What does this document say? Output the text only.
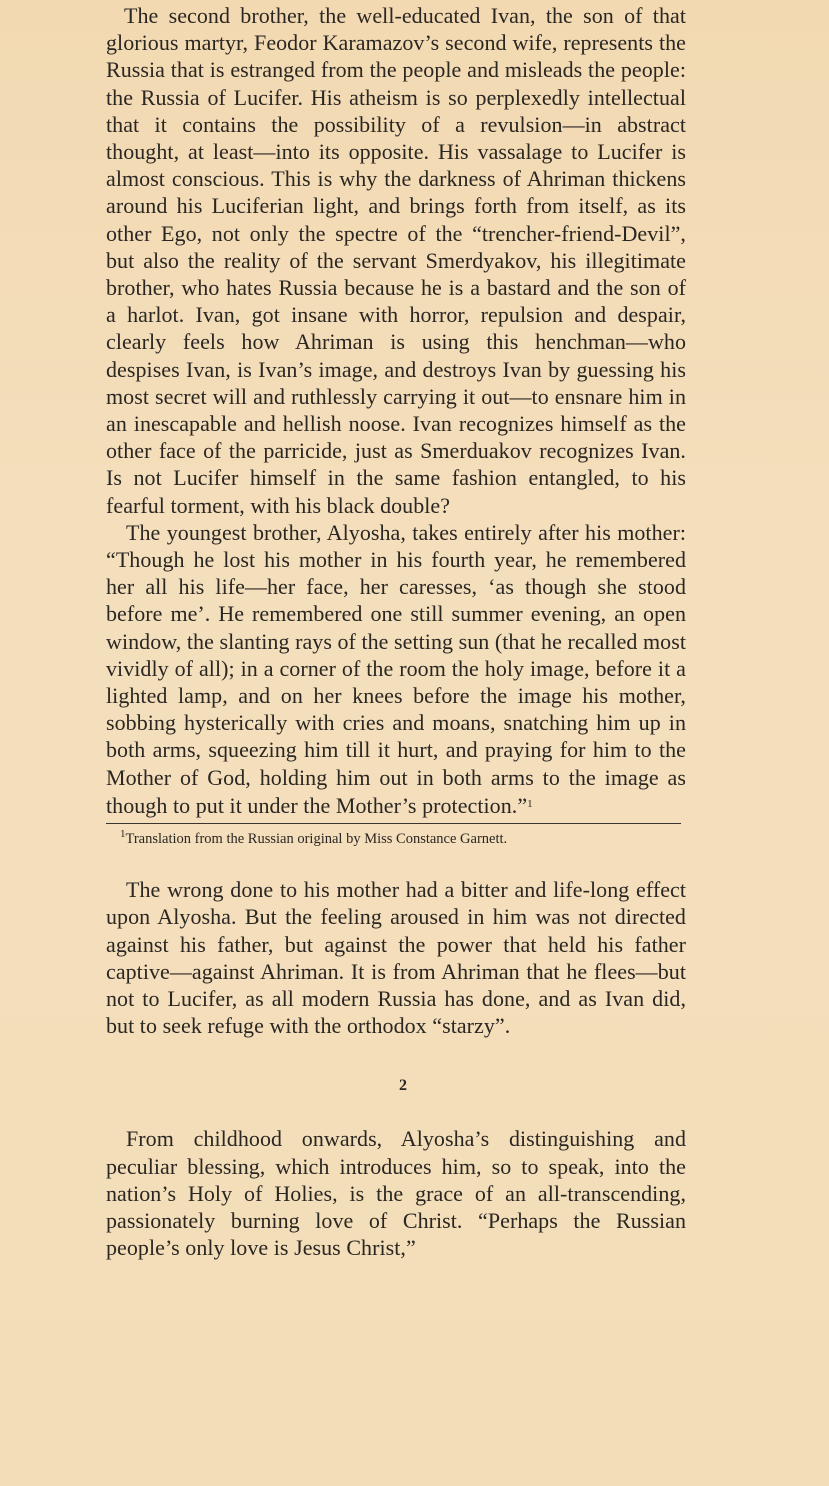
The second brother, the well-educated Ivan, the son of that glorious martyr, Feodor Karamazov’s second wife, represents the Russia that is estranged from the people and misleads the people: the Russia of Lucifer. His atheism is so perplexedly intellectual that it contains the possibility of a revulsion—in abstract thought, at least—into its opposite. His vassalage to Lucifer is almost conscious. This is why the darkness of Ahriman thickens around his Luciferian light, and brings forth from itself, as its other Ego, not only the spectre of the “trencher-friend-Devil”, but also the reality of the servant Smerdyakov, his illegitimate brother, who hates Russia because he is a bastard and the son of a harlot. Ivan, got insane with horror, repulsion and despair, clearly feels how Ahriman is using this henchman—who despises Ivan, is Ivan’s image, and destroys Ivan by guessing his most secret will and ruthlessly carrying it out—to ensnare him in an inescapable and hellish noose. Ivan recognizes himself as the other face of the parricide, just as Smerduakov recognizes Ivan. Is not Lucifer himself in the same fashion entangled, to his fearful torment, with his black double?

The youngest brother, Alyosha, takes entirely after his mother: “Though he lost his mother in his fourth year, he remembered her all his life—her face, her caresses, ‘as though she stood before me’. He remembered one still summer evening, an open window, the slanting rays of the setting sun (that he recalled most vividly of all); in a corner of the room the holy image, before it a lighted lamp, and on her knees before the image his mother, sobbing hysterically with cries and moans, snatching him up in both arms, squeezing him till it hurt, and praying for him to the Mother of God, holding him out in both arms to the image as though to put it under the Mother’s protection.”$^1$

$^1$Translation from the Russian original by Miss Constance Garnett.

The wrong done to his mother had a bitter and life-long effect upon Alyosha. But the feeling aroused in him was not directed against his father, but against the power that held his father captive—against Ahriman. It is from Ahriman that he flees—but not to Lucifer, as all modern Russia has done, and as Ivan did, but to seek refuge with the orthodox “starzy”.

2

From childhood onwards, Alyosha’s distinguishing and peculiar blessing, which introduces him, so to speak, into the nation’s Holy of Holies, is the grace of an all-transcending, passionately burning love of Christ. “Perhaps the Russian people’s only love is Jesus Christ,”
